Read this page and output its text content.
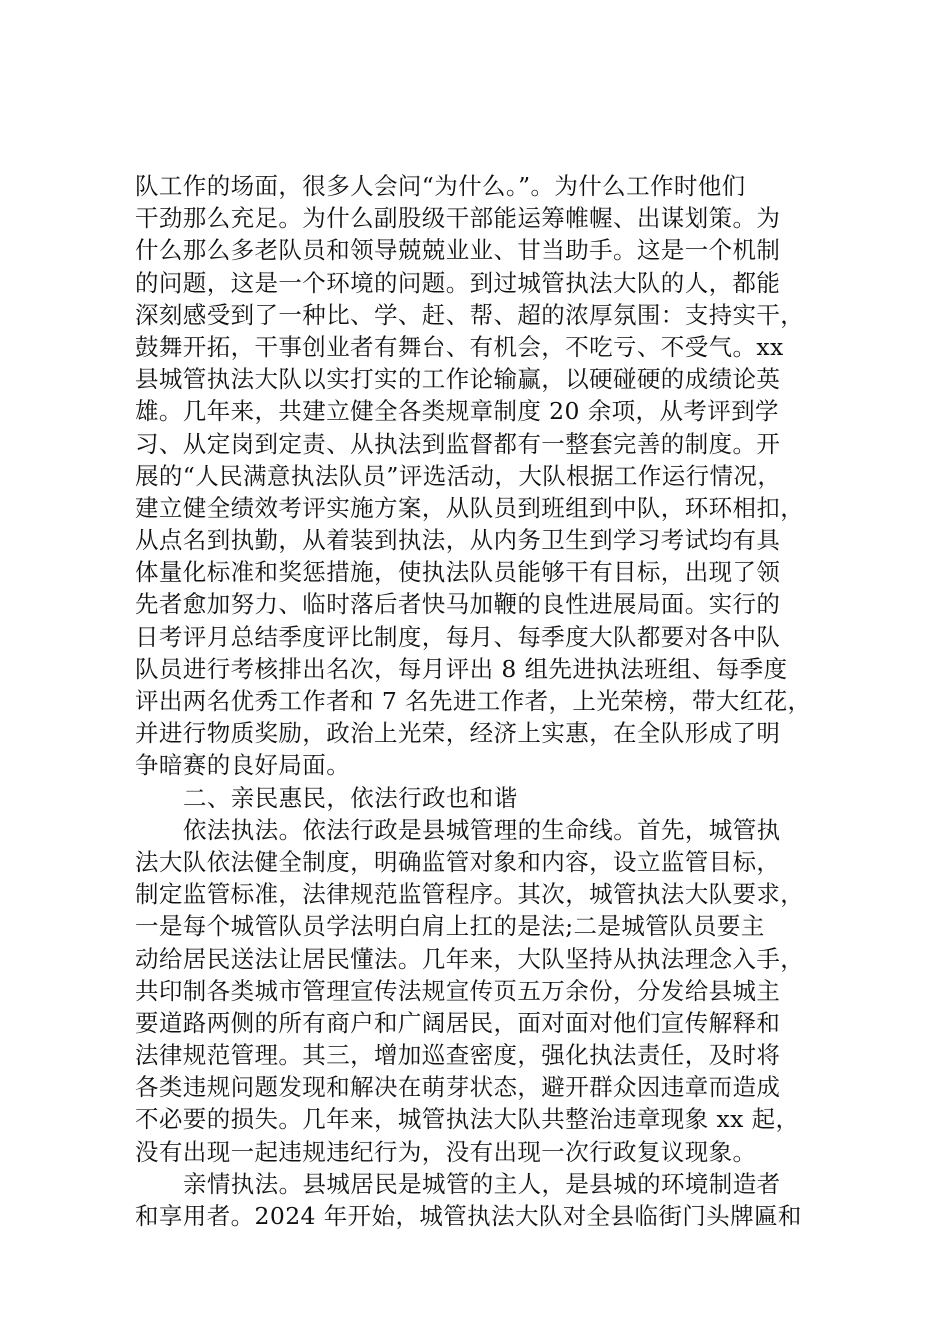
队工作的场面，很多人会问“为什么。”。为什么工作时他们
干劲那么充足。为什么副股级干部能运筹帷幄、出谋划策。为
什么那么多老队员和领导兢兢业业、甘当助手。这是一个机制
的问题，这是一个环境的问题。到过城管执法大队的人，都能
深刻感受到了一种比、学、赶、帮、超的浓厚氛围：支持实干，
鼓舞开拓，干事创业者有舞台、有机会，不吃亏、不受气。xx
县城管执法大队以实打实的工作论输赢，以硬碰硬的成绩论英
雄。几年来，共建立健全各类规章制度 20 余项，从考评到学
习、从定岗到定责、从执法到监督都有一整套完善的制度。开
展的“人民满意执法队员”评选活动，大队根据工作运行情况，
建立健全绩效考评实施方案，从队员到班组到中队，环环相扣，
从点名到执勤，从着装到执法，从内务卫生到学习考试均有具
体量化标准和奖惩措施，使执法队员能够干有目标，出现了领
先者愈加努力、临时落后者快马加鞭的良性进展局面。实行的
日考评月总结季度评比制度，每月、每季度大队都要对各中队
队员进行考核排出名次，每月评出 8 组先进执法班组、每季度
评出两名优秀工作者和 7 名先进工作者，上光荣榜，带大红花，
并进行物质奖励，政治上光荣，经济上实惠，在全队形成了明
争暗赛的良好局面。
二、亲民惠民，依法行政也和谐
依法执法。依法行政是县城管理的生命线。首先，城管执
法大队依法健全制度，明确监管对象和内容，设立监管目标，
制定监管标准，法律规范监管程序。其次，城管执法大队要求，
一是每个城管队员学法明白肩上扛的是法;二是城管队员要主
动给居民送法让居民懂法。几年来，大队坚持从执法理念入手，
共印制各类城市管理宣传法规宣传页五万余份，分发给县城主
要道路两侧的所有商户和广阔居民，面对面对他们宣传解释和
法律规范管理。其三，增加巡查密度，强化执法责任，及时将
各类违规问题发现和解决在萌芽状态，避开群众因违章而造成
不必要的损失。几年来，城管执法大队共整治违章现象 xx 起，
没有出现一起违规违纪行为，没有出现一次行政复议现象。
亲情执法。县城居民是城管的主人，是县城的环境制造者
和享用者。2024 年开始，城管执法大队对全县临街门头牌匾和
